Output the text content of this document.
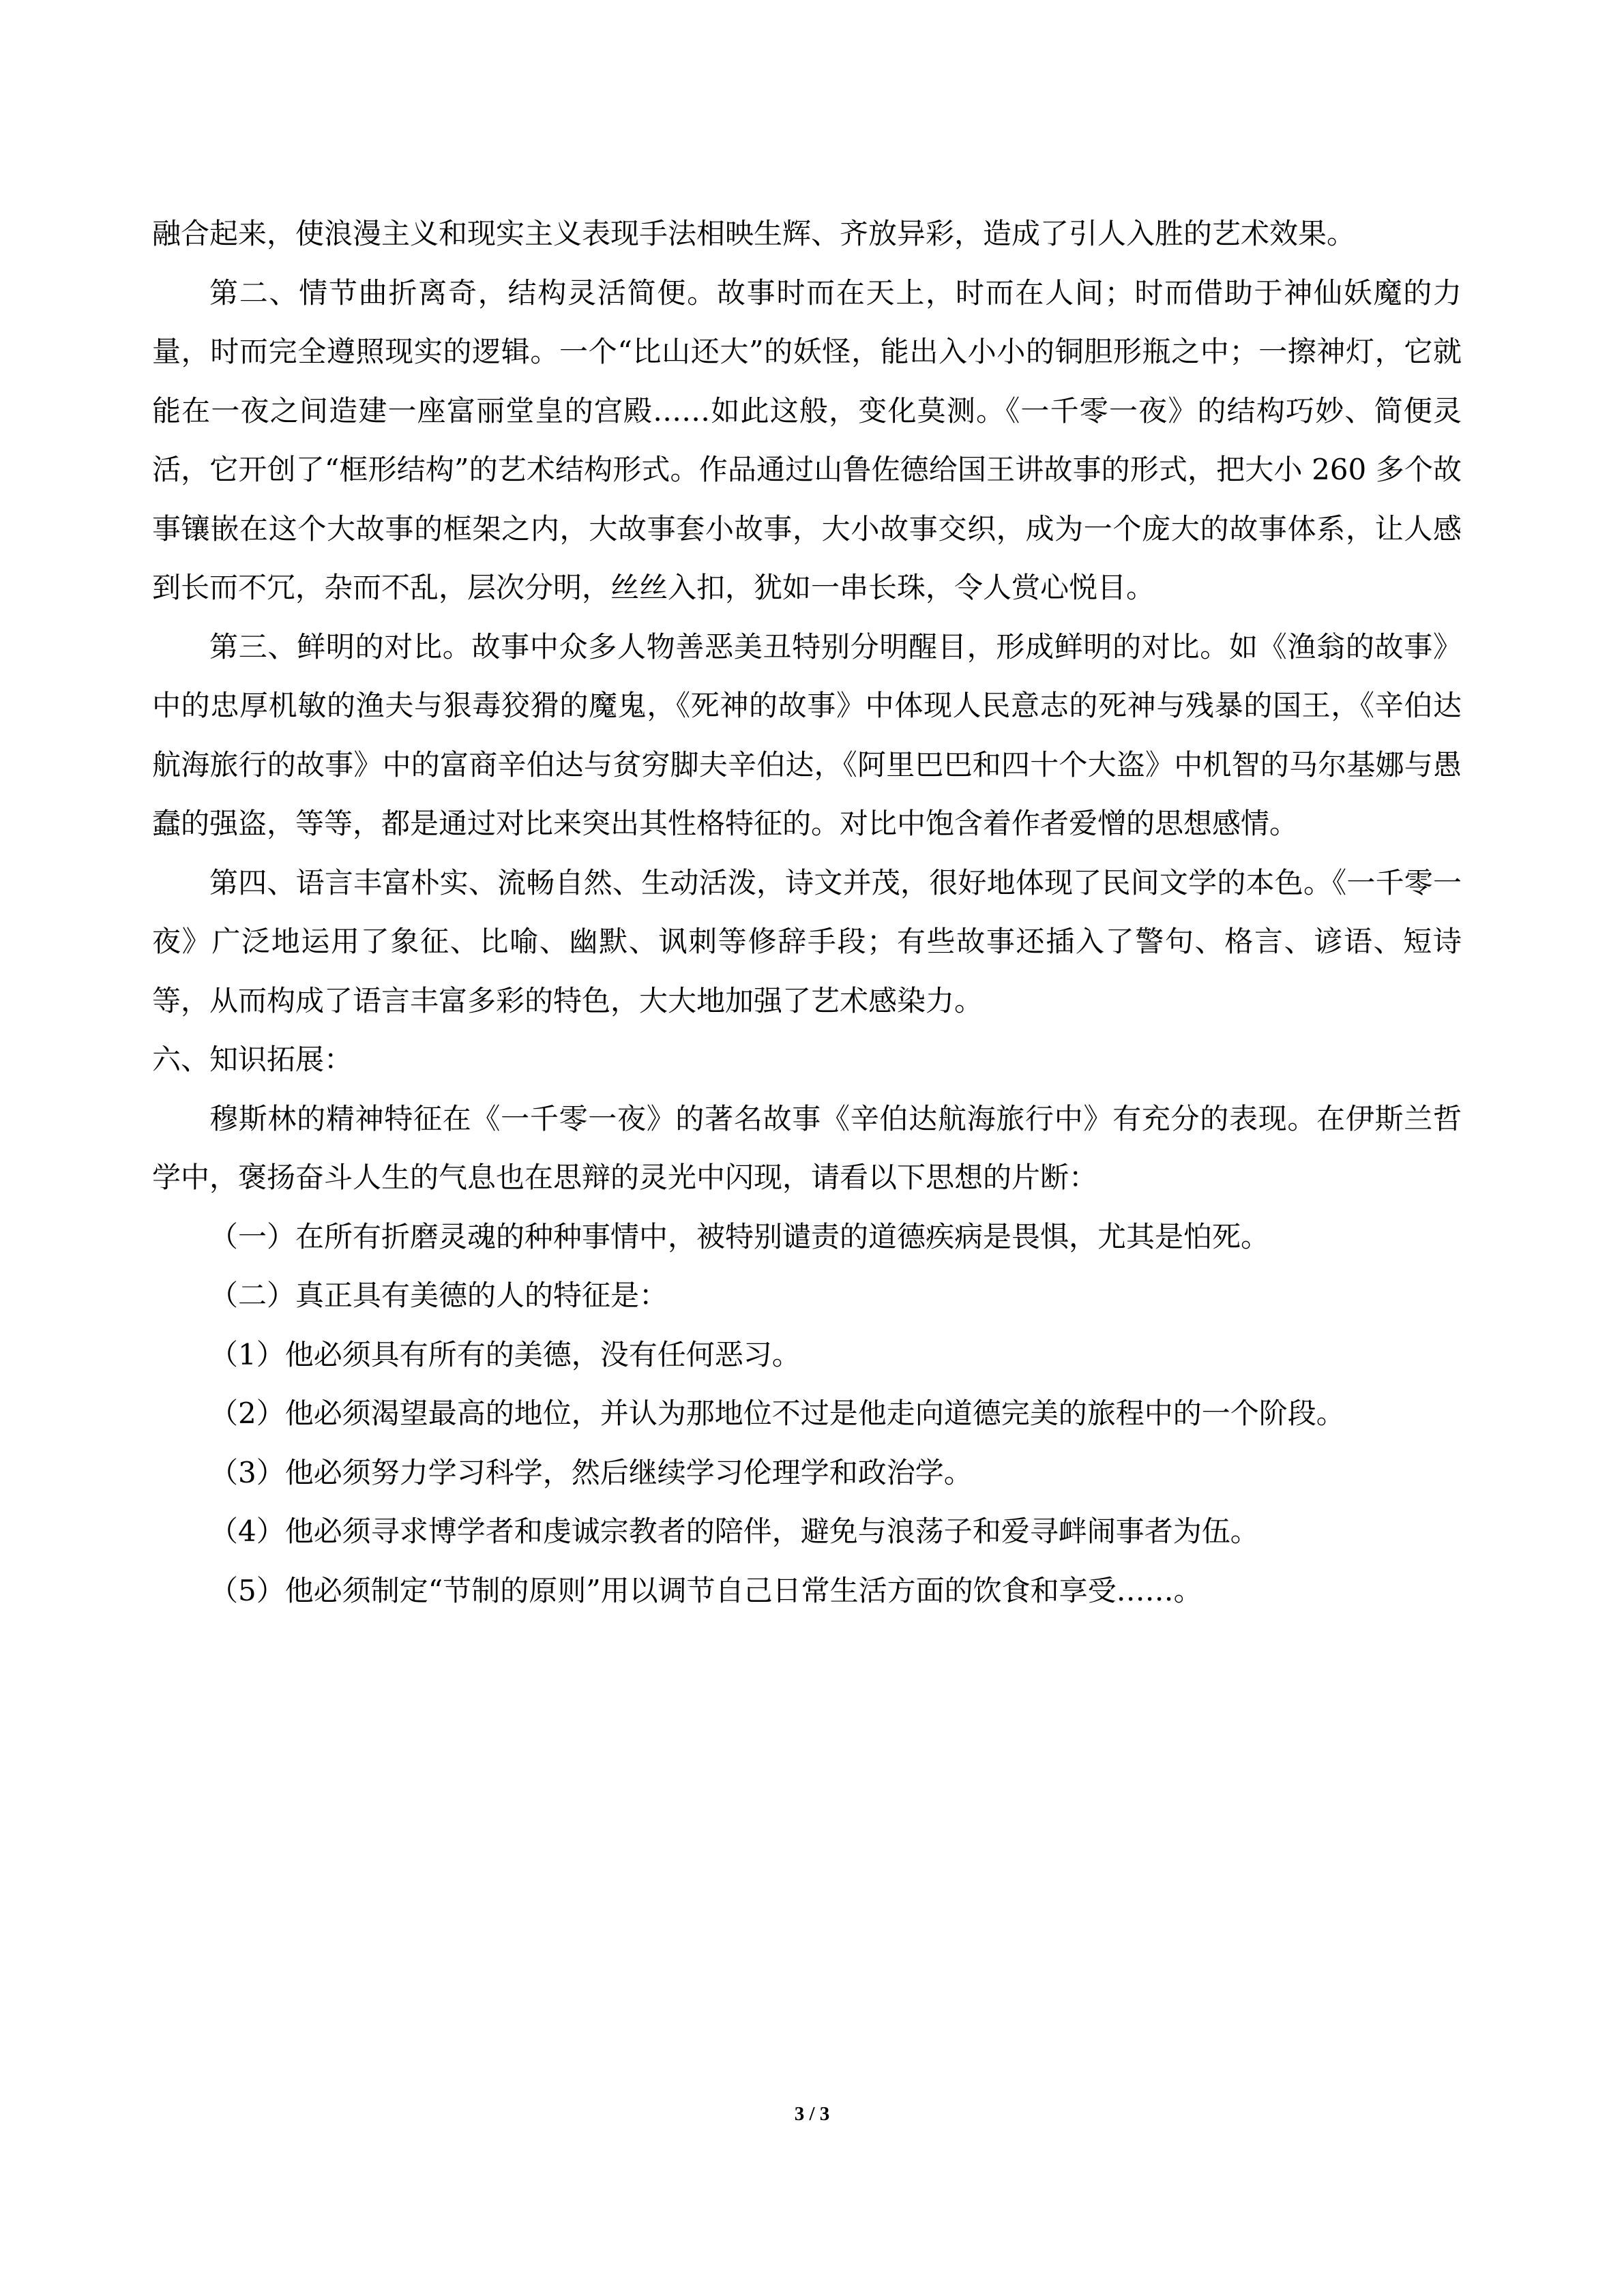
融合起来，使浪漫主义和现实主义表现手法相映生辉、齐放异彩，造成了引人入胜的艺术效果。

第二、情节曲折离奇，结构灵活简便。故事时而在天上，时而在人间；时而借助于神仙妖魔的力量，时而完全遵照现实的逻辑。一个“比山还大”的妖怪，能出入小小的铜胆形瓶之中；一擦神灯，它就能在一夜之间造建一座富丽堂皇的宫殿……如此这般，变化莫测。《一千零一夜》的结构巧妙、简便灵活，它开创了“框形结构”的艺术结构形式。作品通过山鲁佐德给国王讲故事的形式，把大小 260 多个故事镶嵌在这个大故事的框架之内，大故事套小故事，大小故事交织，成为一个庞大的故事体系，让人感到长而不冗，杂而不乱，层次分明，丝丝入扣，犹如一串长珠，令人赏心悦目。

第三、鲜明的对比。故事中众多人物善恶美丑特别分明醒目，形成鲜明的对比。如《渔翁的故事》中的忠厚机敏的渔夫与狠毒狡猾的魔鬼，《死神的故事》中体现人民意志的死神与残暴的国王，《辛伯达航海旅行的故事》中的富商辛伯达与贫穷脚夫辛伯达，《阿里巴巴和四十个大盗》中机智的马尔基娜与愚蠢的强盗，等等，都是通过对比来突出其性格特征的。对比中饱含着作者爱憎的思想感情。

第四、语言丰富朴实、流畅自然、生动活泼，诗文并茂，很好地体现了民间文学的本色。《一千零一夜》广泛地运用了象征、比喻、幽默、讽刺等修辞手段；有些故事还插入了警句、格言、谚语、短诗等，从而构成了语言丰富多彩的特色，大大地加强了艺术感染力。

六、知识拓展：

穆斯林的精神特征在《一千零一夜》的著名故事《辛伯达航海旅行中》有充分的表现。在伊斯兰哲学中，褒扬奋斗人生的气息也在思辩的灵光中闪现，请看以下思想的片断：

（一）在所有折磨灵魂的种种事情中，被特别谴责的道德疾病是畏惧，尤其是怕死。

（二）真正具有美德的人的特征是：

（1）他必须具有所有的美德，没有任何恶习。

（2）他必须渴望最高的地位，并认为那地位不过是他走向道德完美的旅程中的一个阶段。

（3）他必须努力学习科学，然后继续学习伦理学和政治学。

（4）他必须寻求博学者和虔诚宗教者的陪伴，避免与浪荡子和爱寻衅闹事者为伍。

（5）他必须制定“节制的原则”用以调节自己日常生活方面的饮食和享受……。

3 / 3
